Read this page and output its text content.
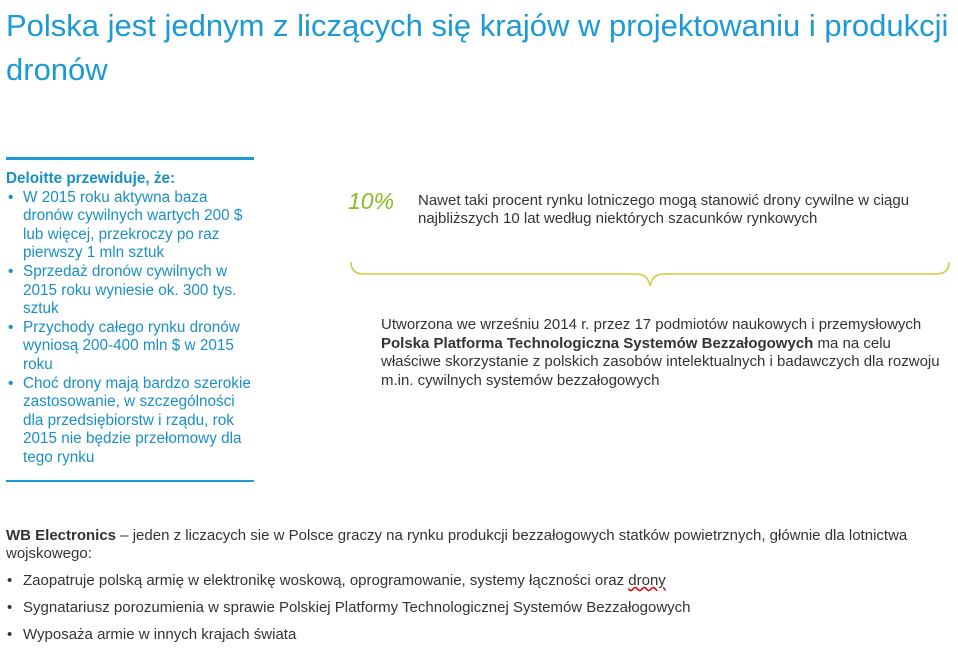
Polska jest jednym z liczących się krajów w projektowaniu i produkcji dronów
Deloitte przewiduje, że:
• W 2015 roku aktywna baza dronów cywilnych wartych 200 $ lub więcej, przekroczy po raz pierwszy 1 mln sztuk
• Sprzedaż dronów cywilnych w 2015 roku wyniesie ok. 300 tys. sztuk
• Przychody całego rynku dronów wyniosą 200-400 mln $ w 2015 roku
• Choć drony mają bardzo szerokie zastosowanie, w szczególności dla przedsiębiorstw i rządu, rok 2015 nie będzie przełomowy dla tego rynku
10% Nawet taki procent rynku lotniczego mogą stanowić drony cywilne w ciągu najbliższych 10 lat według niektórych szacunków rynkowych
Utworzona we wrześniu 2014 r. przez 17 podmiotów naukowych i przemysłowych Polska Platforma Technologiczna Systemów Bezzałogowych ma na celu właściwe skorzystanie z polskich zasobów intelektualnych i badawczych dla rozwoju m.in. cywilnych systemów bezzałogowych
WB Electronics – jeden z liczacych sie w Polsce graczy na rynku produkcji bezzałogowych statków powietrznych, głównie dla lotnictwa wojskowego:
• Zaopatruje polską armię w elektronikę woskową, oprogramowanie, systemy łączności oraz drony
• Sygnatariusz porozumienia w sprawie Polskiej Platformy Technologicznej Systemów Bezzałogowych
• Wyposaża armie w innych krajach świata
